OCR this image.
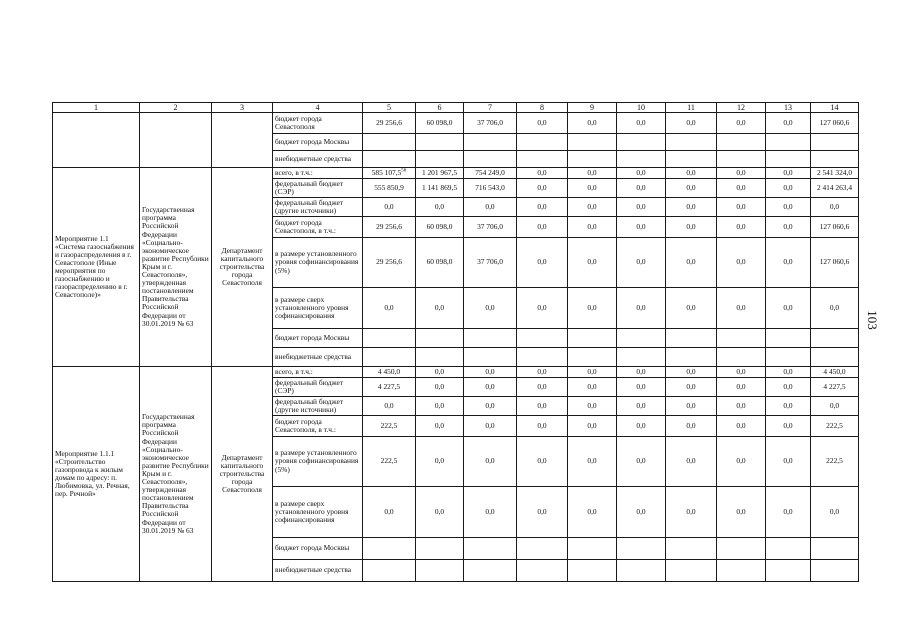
1	2	3	4	5	6	7	8	9	10	11	12	13	14
			бюджет города Севастополя	29 256,6	60 098,0	37 706,0	0,0	0,0	0,0	0,0	0,0	0,0	127 060,6
			бюджет города Москвы										
			внебюджетные средства										
Мероприятие 1.1 «Система газоснабжения и газораспределения в г. Севастополе (Иные мероприятия по газоснабжению и газораспределению в г. Севастополе)»	Государственная программа Российской Федерации «Социально-экономическое развитие Республики Крым и г. Севастополя», утвержденная постановлением Правительства Российской Федерации от 30.01.2019 № 63	Департамент капитального строительства города Севастополя	всего, в т.ч.:	585 107,5$^{56}$	1 201 967,5	754 249,0	0,0	0,0	0,0	0,0	0,0	0,0	2 541 324,0
			федеральный бюджет (СЭР)	555 850,9	1 141 869,5	716 543,0	0,0	0,0	0,0	0,0	0,0	0,0	2 414 263,4
			федеральный бюджет (другие источники)	0,0	0,0	0,0	0,0	0,0	0,0	0,0	0,0	0,0	0,0
			бюджет города Севастополя, в т.ч.:	29 256,6	60 098,0	37 706,0	0,0	0,0	0,0	0,0	0,0	0,0	127 060,6
			в размере установленного уровня софинансирования (5%)	29 256,6	60 098,0	37 706,0	0,0	0,0	0,0	0,0	0,0	0,0	127 060,6
			в размере сверх установленного уровня софинансирования	0,0	0,0	0,0	0,0	0,0	0,0	0,0	0,0	0,0	0,0
			бюджет города Москвы										
			внебюджетные средства										
Мероприятие 1.1.1 «Строительство газопровода к жилым домам по адресу: п. Любимовка, ул. Речная, пер. Речной»	Государственная программа Российской Федерации «Социально-экономическое развитие Республики Крым и г. Севастополя», утвержденная постановлением Правительства Российской Федерации от 30.01.2019 № 63	Департамент капитального строительства города Севастополя	всего, в т.ч.:	4 450,0	0,0	0,0	0,0	0,0	0,0	0,0	0,0	0,0	4 450,0
			федеральный бюджет (СЭР)	4 227,5	0,0	0,0	0,0	0,0	0,0	0,0	0,0	0,0	4 227,5
			федеральный бюджет (другие источники)	0,0	0,0	0,0	0,0	0,0	0,0	0,0	0,0	0,0	0,0
			бюджет города Севастополя, в т.ч.:	222,5	0,0	0,0	0,0	0,0	0,0	0,0	0,0	0,0	222,5
			в размере установленного уровня софинансирования (5%)	222,5	0,0	0,0	0,0	0,0	0,0	0,0	0,0	0,0	222,5
			в размере сверх установленного уровня софинансирования	0,0	0,0	0,0	0,0	0,0	0,0	0,0	0,0	0,0	0,0
			бюджет города Москвы										
			внебюджетные средства										
103
